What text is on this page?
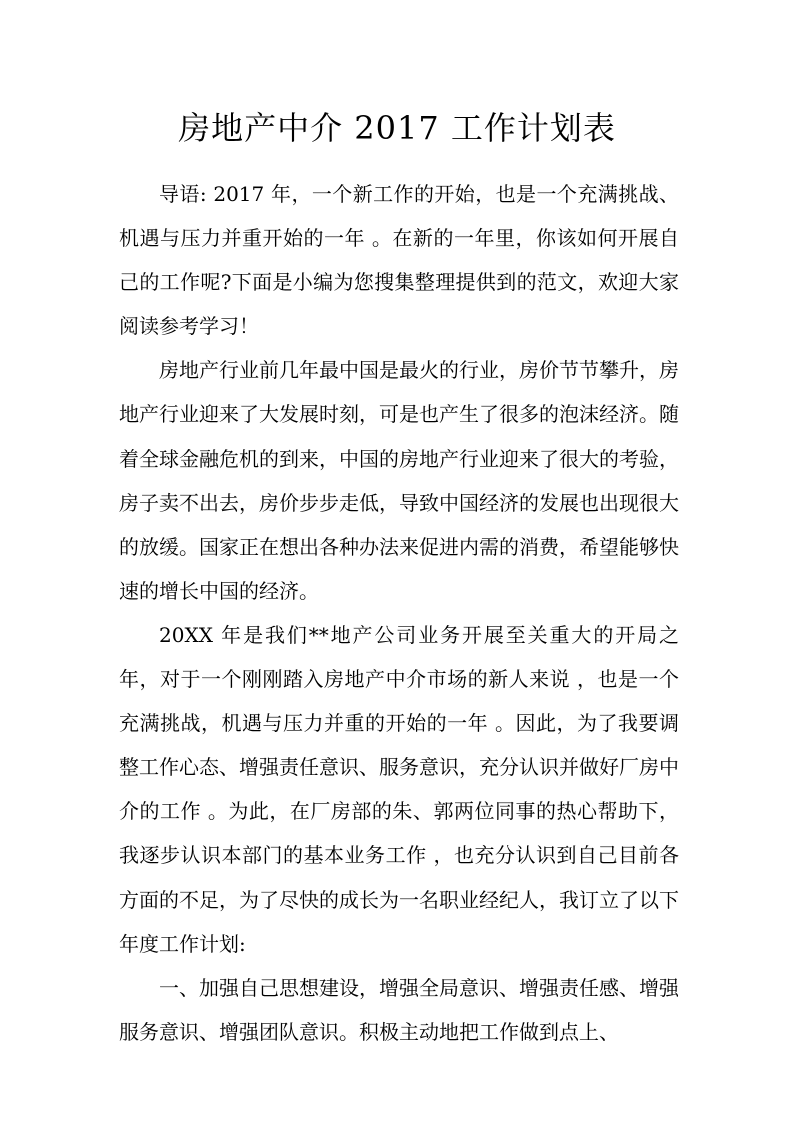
房地产中介 2017 工作计划表

导语: 2017 年，一个新工作的开始，也是一个充满挑战、机遇与压力并重开始的一年 。在新的一年里，你该如何开展自己的工作呢?下面是小编为您搜集整理提供到的范文，欢迎大家阅读参考学习！

房地产行业前几年最中国是最火的行业，房价节节攀升，房地产行业迎来了大发展时刻，可是也产生了很多的泡沫经济。随着全球金融危机的到来，中国的房地产行业迎来了很大的考验，房子卖不出去，房价步步走低，导致中国经济的发展也出现很大的放缓。国家正在想出各种办法来促进内需的消费，希望能够快速的增长中国的经济。

20XX 年是我们**地产公司业务开展至关重大的开局之年，对于一个刚刚踏入房地产中介市场的新人来说 ，也是一个充满挑战，机遇与压力并重的开始的一年 。因此，为了我要调整工作心态、增强责任意识、服务意识，充分认识并做好厂房中介的工作 。为此，在厂房部的朱、郭两位同事的热心帮助下，我逐步认识本部门的基本业务工作 ，也充分认识到自己目前各方面的不足，为了尽快的成长为一名职业经纪人，我订立了以下年度工作计划:

一、加强自己思想建设，增强全局意识、增强责任感、增强服务意识、增强团队意识。积极主动地把工作做到点上、
